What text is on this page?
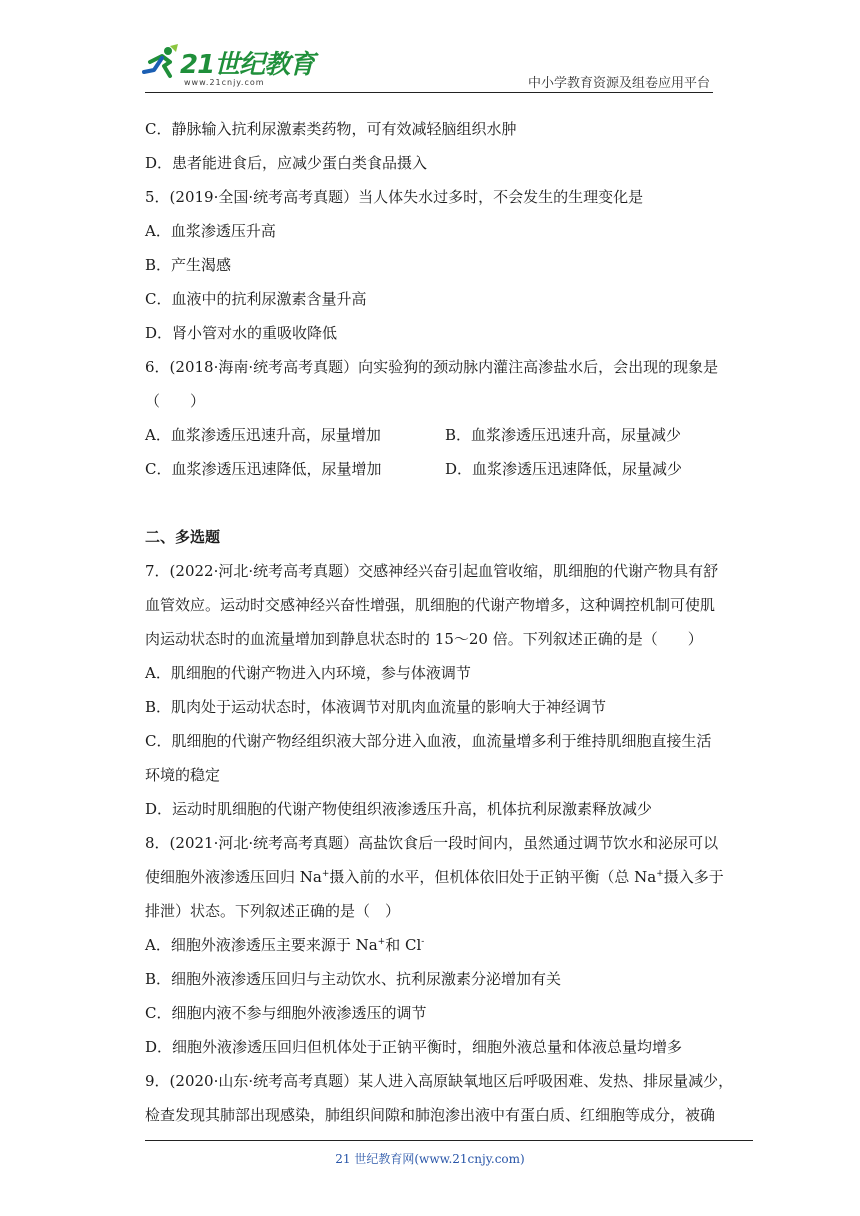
21世纪教育
www.21cnjy.com	中小学教育资源及组卷应用平台
C．静脉输入抗利尿激素类药物，可有效减轻脑组织水肿
D．患者能进食后，应减少蛋白类食品摄入
5．(2019·全国·统考高考真题）当人体失水过多时，不会发生的生理变化是
A．血浆渗透压升高
B．产生渴感
C．血液中的抗利尿激素含量升高
D．肾小管对水的重吸收降低
6．(2018·海南·统考高考真题）向实验狗的颈动脉内灌注高渗盐水后，会出现的现象是
（　　）
A．血浆渗透压迅速升高，尿量增加	B．血浆渗透压迅速升高，尿量减少
C．血浆渗透压迅速降低，尿量增加	D．血浆渗透压迅速降低，尿量减少
二、多选题
7．(2022·河北·统考高考真题）交感神经兴奋引起血管收缩，肌细胞的代谢产物具有舒
血管效应。运动时交感神经兴奋性增强，肌细胞的代谢产物增多，这种调控机制可使肌
肉运动状态时的血流量增加到静息状态时的 15～20 倍。下列叙述正确的是（　　）
A．肌细胞的代谢产物进入内环境，参与体液调节
B．肌肉处于运动状态时，体液调节对肌肉血流量的影响大于神经调节
C．肌细胞的代谢产物经组织液大部分进入血液，血流量增多利于维持肌细胞直接生活
环境的稳定
D．运动时肌细胞的代谢产物使组织液渗透压升高，机体抗利尿激素释放减少
8．(2021·河北·统考高考真题）高盐饮食后一段时间内，虽然通过调节饮水和泌尿可以
使细胞外液渗透压回归 Na+摄入前的水平，但机体依旧处于正钠平衡（总 Na+摄入多于
排泄）状态。下列叙述正确的是（　）
A．细胞外液渗透压主要来源于 Na+和 Cl-
B．细胞外液渗透压回归与主动饮水、抗利尿激素分泌增加有关
C．细胞内液不参与细胞外液渗透压的调节
D．细胞外液渗透压回归但机体处于正钠平衡时，细胞外液总量和体液总量均增多
9．(2020·山东·统考高考真题）某人进入高原缺氧地区后呼吸困难、发热、排尿量减少，
检查发现其肺部出现感染，肺组织间隙和肺泡渗出液中有蛋白质、红细胞等成分，被确
21 世纪教育网(www.21cnjy.com)
